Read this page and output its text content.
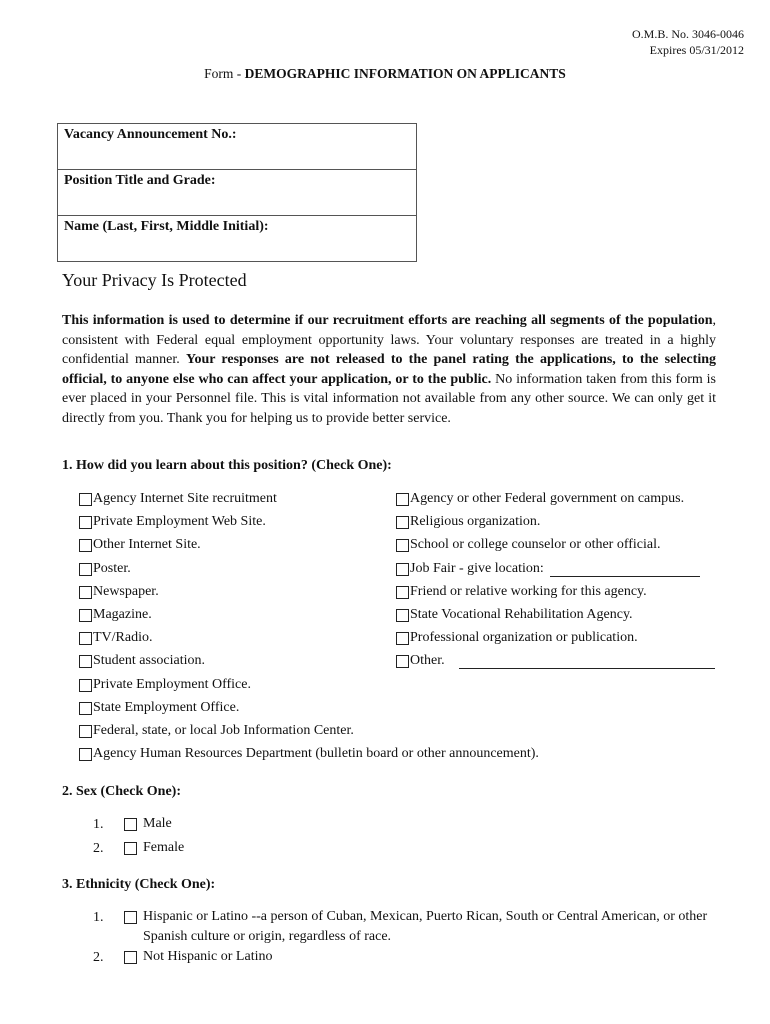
O.M.B. No. 3046-0046
Expires 05/31/2012
Form - DEMOGRAPHIC INFORMATION ON APPLICANTS
Vacancy Announcement No.:
Position Title and Grade:
Name (Last, First, Middle Initial):
Your Privacy Is Protected
This information is used to determine if our recruitment efforts are reaching all segments of the population, consistent with Federal equal employment opportunity laws. Your voluntary responses are treated in a highly confidential manner. Your responses are not released to the panel rating the applications, to the selecting official, to anyone else who can affect your application, or to the public. No information taken from this form is ever placed in your Personnel file. This is vital information not available from any other source. We can only get it directly from you. Thank you for helping us to provide better service.
1. How did you learn about this position? (Check One):
Agency Internet Site recruitment
Private Employment Web Site.
Other Internet Site.
Poster.
Newspaper.
Magazine.
TV/Radio.
Student association.
Private Employment Office.
State Employment Office.
Federal, state, or local Job Information Center.
Agency Human Resources Department (bulletin board or other announcement).
Agency or other Federal government on campus.
Religious organization.
School or college counselor or other official.
Job Fair - give location:
Friend or relative working for this agency.
State Vocational Rehabilitation Agency.
Professional organization or publication.
Other.
2. Sex (Check One):
1.	Male
2.	Female
3. Ethnicity (Check One):
1.	Hispanic or Latino --a person of Cuban, Mexican, Puerto Rican, South or Central American, or other Spanish culture or origin, regardless of race.
2.	Not Hispanic or Latino
